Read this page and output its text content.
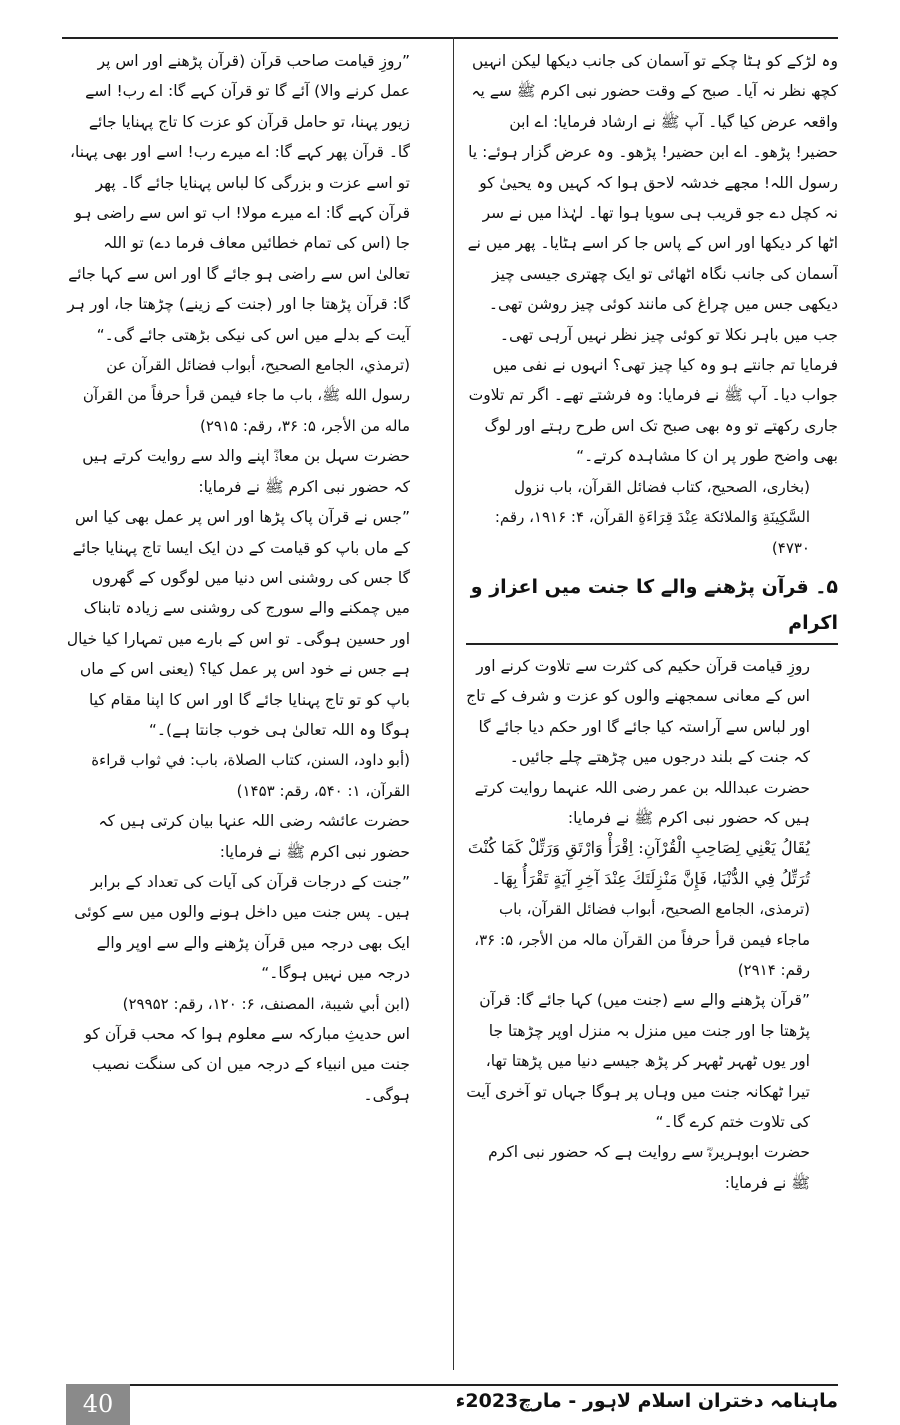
وہ لڑکے کو ہٹا چکے تو آسمان کی جانب دیکھا لیکن انہیں کچھ نظر نہ آیا۔ صبح کے وقت حضور نبی اکرم ﷺ سے یہ واقعہ عرض کیا گیا۔ آپ ﷺ نے ارشاد فرمایا: اے ابن حضیر! پڑھو۔ اے ابن حضیر! پڑھو۔ وہ عرض گزار ہوئے: یا رسول اللہ! مجھے خدشہ لاحق ہوا کہ کہیں وہ یحییٰ کو نہ کچل دے جو قریب ہی سویا ہوا تھا۔ لہٰذا میں نے سر اٹھا کر دیکھا اور اس کے پاس جا کر اسے ہٹایا۔ پھر میں نے آسمان کی جانب نگاہ اٹھائی تو ایک چھتری جیسی چیز دیکھی جس میں چراغ کی مانند کوئی چیز روشن تھی۔ جب میں باہر نکلا تو کوئی چیز نظر نہیں آرہی تھی۔ فرمایا تم جانتے ہو وہ کیا چیز تھی؟ انہوں نے نفی میں جواب دیا۔ آپ ﷺ نے فرمایا: وہ فرشتے تھے۔ اگر تم تلاوت جاری رکھتے تو وہ بھی صبح تک اس طرح رہتے اور لوگ بھی واضح طور پر ان کا مشاہدہ کرتے۔“

(بخاری، الصحیح، کتاب فضائل القرآن، باب نزول السَّكِينَةِ وَالملائكة عِنْدَ قِرَاءَةِ القرآن، ۴: ۱۹۱۶، رقم: ۴۷۳۰)

۵۔ قرآن پڑھنے والے کا جنت میں اعزاز و اکرام

روزِ قیامت قرآن حکیم کی کثرت سے تلاوت کرنے اور اس کے معانی سمجھنے والوں کو عزت و شرف کے تاج اور لباس سے آراستہ کیا جائے گا اور حکم دیا جائے گا کہ جنت کے بلند درجوں میں چڑھتے چلے جائیں۔ حضرت عبداللہ بن عمر رضی اللہ عنہما روایت کرتے ہیں کہ حضور نبی اکرم ﷺ نے فرمایا:

يُقَالُ يَعْنِي لِصَاحِبِ الْقُرْآنِ: اِقْرَأْ وَارْتَقِ وَرَتِّلْ كَمَا كُنْتَ تُرَتِّلُ فِي الدُّنْيَا، فَإِنَّ مَنْزِلَتَكَ عِنْدَ آخِرِ آيَةٍ تَقْرَأُ بِهَا۔

(ترمذی، الجامع الصحیح، أبواب فضائل القرآن، باب ماجاء فیمن قرأ حرفاً من القرآن مالہ من الأجر، ۵: ۳۶، رقم: ۲۹۱۴)

”قرآن پڑھنے والے سے (جنت میں) کہا جائے گا: قرآن پڑھتا جا اور جنت میں منزل بہ منزل اوپر چڑھتا جا اور یوں ٹھہر ٹھہر کر پڑھ جیسے دنیا میں پڑھتا تھا، تیرا ٹھکانہ جنت میں وہاں پر ہوگا جہاں تو آخری آیت کی تلاوت ختم کرے گا۔“

حضرت ابوہریرہؓ سے روایت ہے کہ حضور نبی اکرم ﷺ نے فرمایا:

”روزِ قیامت صاحب قرآن (قرآن پڑھنے اور اس پر عمل کرنے والا) آئے گا تو قرآن کہے گا: اے رب! اسے زیور پہنا، تو حامل قرآن کو عزت کا تاج پہنایا جائے گا۔ قرآن پھر کہے گا: اے میرے رب! اسے اور بھی پہنا، تو اسے عزت و بزرگی کا لباس پہنایا جائے گا۔ پھر قرآن کہے گا: اے میرے مولا! اب تو اس سے راضی ہو جا (اس کی تمام خطائیں معاف فرما دے) تو اللہ تعالیٰ اس سے راضی ہو جائے گا اور اس سے کہا جائے گا: قرآن پڑھتا جا اور (جنت کے زینے) چڑھتا جا، اور ہر آیت کے بدلے میں اس کی نیکی بڑھتی جائے گی۔“

(ترمذي، الجامع الصحيح، أبواب فضائل القرآن عن رسول الله ﷺ، باب ما جاء فيمن قرأ حرفاً من القرآن ماله من الأجر، ۵: ۳۶، رقم: ۲۹۱۵)

حضرت سہل بن معاذؓ اپنے والد سے روایت کرتے ہیں کہ حضور نبی اکرم ﷺ نے فرمایا:

”جس نے قرآن پاک پڑھا اور اس پر عمل بھی کیا اس کے ماں باپ کو قیامت کے دن ایک ایسا تاج پہنایا جائے گا جس کی روشنی اس دنیا میں لوگوں کے گھروں میں چمکنے والے سورج کی روشنی سے زیادہ تابناک اور حسین ہوگی۔ تو اس کے بارے میں تمہارا کیا خیال ہے جس نے خود اس پر عمل کیا؟ (یعنی اس کے ماں باپ کو تو تاج پہنایا جائے گا اور اس کا اپنا مقام کیا ہوگا وہ اللہ تعالیٰ ہی خوب جانتا ہے)۔“

(أبو داود، السنن، کتاب الصلاة، باب: في ثواب قراءة القرآن، ۱: ۵۴۰، رقم: ۱۴۵۳)

حضرت عائشہ رضی اللہ عنہا بیان کرتی ہیں کہ حضور نبی اکرم ﷺ نے فرمایا:

”جنت کے درجات قرآن کی آیات کی تعداد کے برابر ہیں۔ پس جنت میں داخل ہونے والوں میں سے کوئی ایک بھی درجہ میں قرآن پڑھنے والے سے اوپر والے درجہ میں نہیں ہوگا۔“

(ابن أبي شيبة، المصنف، ۶: ۱۲۰، رقم: ۲۹۹۵۲)

اس حدیثِ مبارکہ سے معلوم ہوا کہ محب قرآن کو جنت میں انبیاء کے درجہ میں ان کی سنگت نصیب ہوگی۔

40	ماہنامہ دختران اسلام لاہور - مارچ2023ء
